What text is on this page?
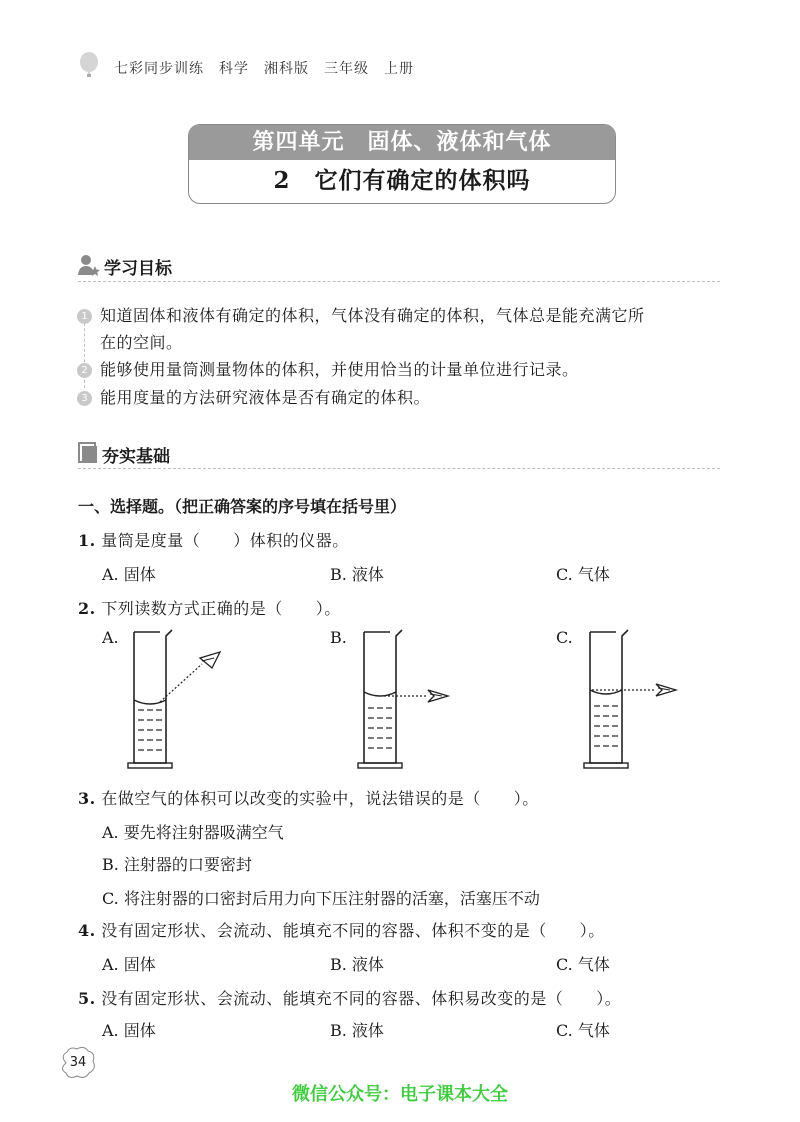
七彩同步训练　科学　湘科版　三年级　上册
第四单元　固体、液体和气体
2　它们有确定的体积吗
学习目标
1 知道固体和液体有确定的体积，气体没有确定的体积，气体总是能充满它所
在的空间。
2 能够使用量筒测量物体的体积，并使用恰当的计量单位进行记录。
3 能用度量的方法研究液体是否有确定的体积。
夯实基础
一、选择题。（把正确答案的序号填在括号里）
1. 量筒是度量（　　）体积的仪器。
A. 固体	B. 液体	C. 气体
2. 下列读数方式正确的是（　　）。
A.	B.	C.
3. 在做空气的体积可以改变的实验中，说法错误的是（　　）。
A. 要先将注射器吸满空气
B. 注射器的口要密封
C. 将注射器的口密封后用力向下压注射器的活塞，活塞压不动
4. 没有固定形状、会流动、能填充不同的容器、体积不变的是（　　）。
A. 固体	B. 液体	C. 气体
5. 没有固定形状、会流动、能填充不同的容器、体积易改变的是（　　）。
A. 固体	B. 液体	C. 气体
34
微信公众号：电子课本大全
